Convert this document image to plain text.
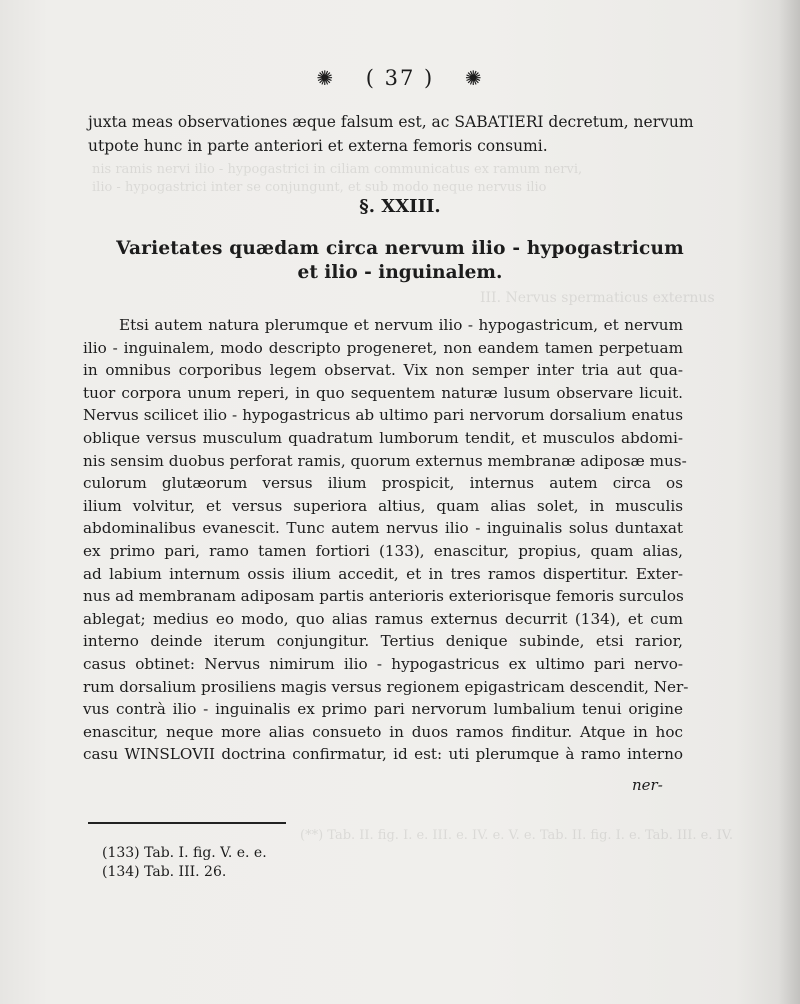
nis ramis nervi ilio - hypogastrici in ciliam communicatus ex ramum nervi,
ilio - hypogastrici inter se conjungunt, et sub modo neque nervus ilio
III. Nervus spermaticus externus
(**) Tab. II. fig. I. e. III. e. IV. e. V. e. Tab. II. fig. I. e. Tab. III. e. IV.
✺ ( 37 ) ✺
juxta meas observationes æque falsum est, ac SABATIERI decretum, nervum
utpote hunc in parte anteriori et externa femoris consumi.
§. XXIII.
Varietates quædam circa nervum ilio - hypogastricum
et ilio - inguinalem.
Etsi autem natura plerumque et nervum ilio - hypogastricum, et nervum
ilio - inguinalem, modo descripto progeneret, non eandem tamen perpetuam
in omnibus corporibus legem observat. Vix non semper inter tria aut qua-
tuor corpora unum reperi, in quo sequentem naturæ lusum observare licuit.
Nervus scilicet ilio - hypogastricus ab ultimo pari nervorum dorsalium enatus
oblique versus musculum quadratum lumborum tendit, et musculos abdomi-
nis sensim duobus perforat ramis, quorum externus membranæ adiposæ mus-
culorum glutæorum versus ilium prospicit, internus autem circa os
ilium volvitur, et versus superiora altius, quam alias solet, in musculis
abdominalibus evanescit. Tunc autem nervus ilio - inguinalis solus duntaxat
ex primo pari, ramo tamen fortiori (133), enascitur, propius, quam alias,
ad labium internum ossis ilium accedit, et in tres ramos dispertitur. Exter-
nus ad membranam adiposam partis anterioris exteriorisque femoris surculos
ablegat; medius eo modo, quo alias ramus externus decurrit (134), et cum
interno deinde iterum conjungitur. Tertius denique subinde, etsi rarior,
casus obtinet: Nervus nimirum ilio - hypogastricus ex ultimo pari nervo-
rum dorsalium prosiliens magis versus regionem epigastricam descendit, Ner-
vus contrà ilio - inguinalis ex primo pari nervorum lumbalium tenui origine
enascitur, neque more alias consueto in duos ramos finditur. Atque in hoc
casu WINSLOVII doctrina confirmatur, id est: uti plerumque à ramo interno
ner-
(133) Tab. I. fig. V. e. e.
(134) Tab. III. 26.
